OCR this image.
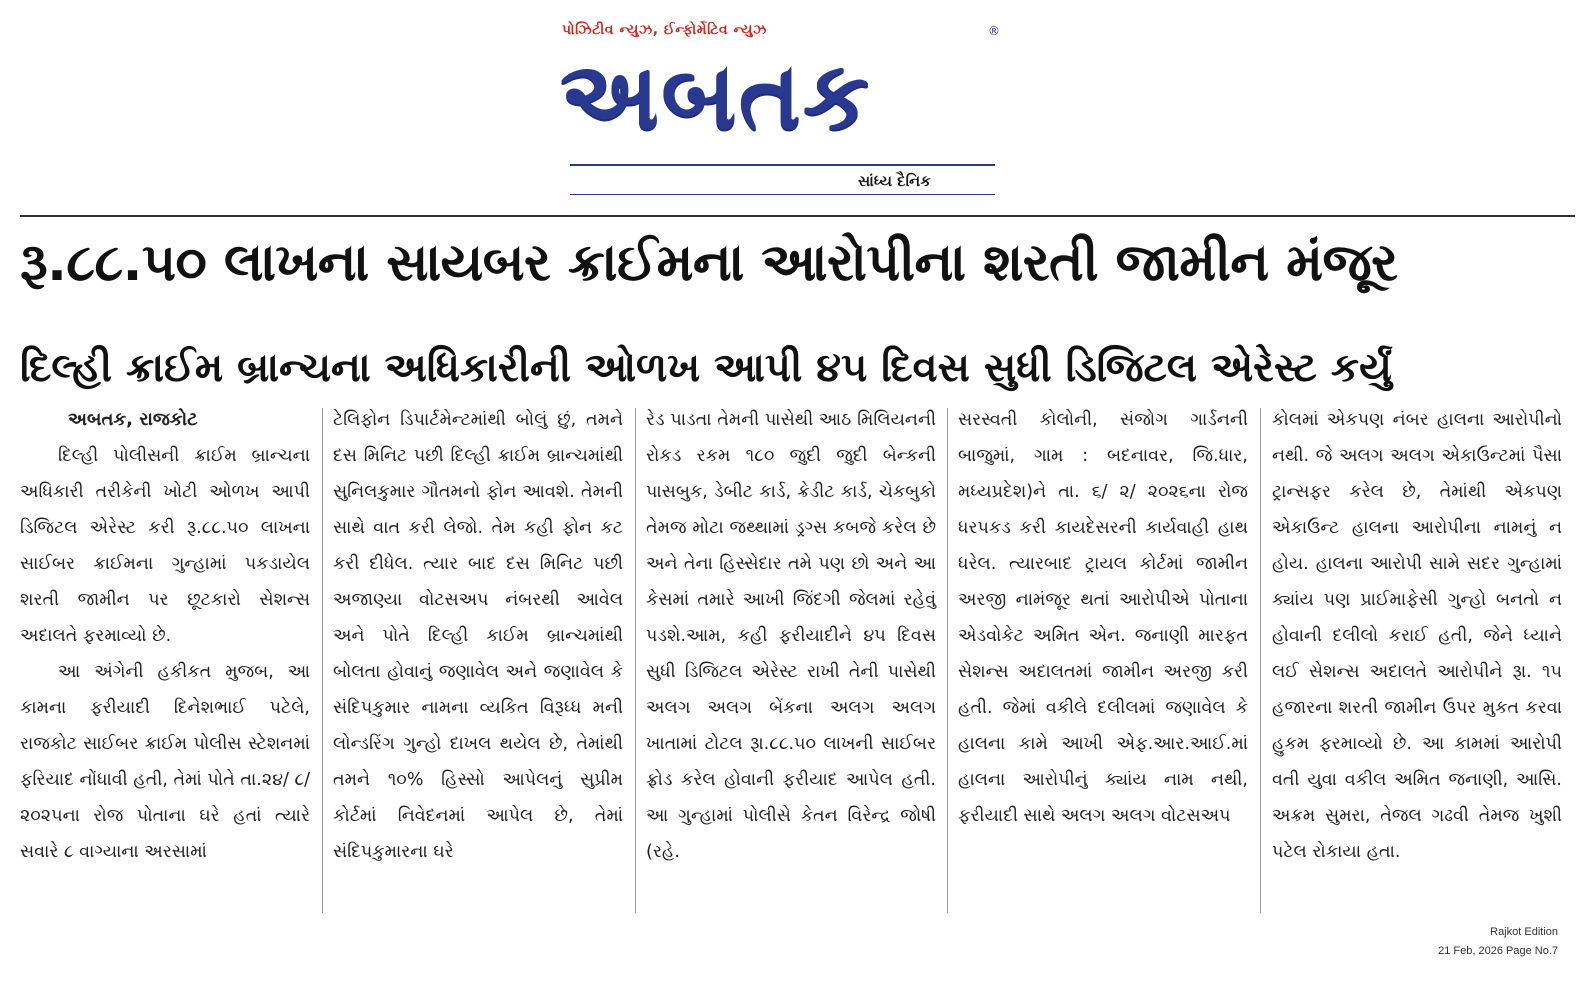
પોઝિટીવ ન્યુઝ, ઈન્ફોર્મેટિવ ન્યુઝ	®
અબતક
સાંધ્ય દૈનિક
રૂ.૮૮.૫૦ લાખના સાયબર ક્રાઈમના આરોપીના શરતી જામીન મંજૂર
દિલ્હી ક્રાઈમ બ્રાન્ચના અધિકારીની ઓળખ આપી ૪૫ દિવસ સુધી ડિજિટલ એરેસ્ટ કર્યું
અબતક, રાજકોટ

દિલ્હી પોલીસની ક્રાઈમ બ્રાન્ચના અધિકારી તરીકેની ખોટી ઓળખ આપી ડિજિટલ એરેસ્ટ કરી રૂ.૮૮.૫૦ લાખના સાઈબર ક્રાઈમના ગુન્હામાં પકડાયેલ શરતી જામીન પર છૂટકારો સેશન્સ અદાલતે ફરમાવ્યો છે.

આ અંગેની હકીકત મુજબ, આ કામના ફરીયાદી દિનેશભાઈ પટેલે, રાજકોટ સાઈબર ક્રાઈમ પોલીસ સ્ટેશનમાં ફરિયાદ નોંધાવી હતી, તેમાં પોતે તા.૨૪/ ૮/ ૨૦૨૫ના રોજ પોતાના ઘરે હતાં ત્યારે સવારે ૮ વાગ્યાના અરસામાં

ટેલિફોન ડિપાર્ટમેન્ટમાંથી બોલું છું, તમને દસ મિનિટ પછી દિલ્હી ક્રાઈમ બ્રાન્ચમાંથી સુનિલકુમાર ગૌતમનો ફોન આવશે. તેમની સાથે વાત કરી લેજો. તેમ કહી ફોન કટ કરી દીધેલ. ત્યાર બાદ દસ મિનિટ પછી અજાણ્યા વોટસઅપ નંબરથી આવેલ અને પોતે દિલ્હી કાઈમ બ્રાન્ચમાંથી બોલતા હોવાનું જણાવેલ અને જણાવેલ કે સંદિપકુમાર નામના વ્યકિત વિરૂધ્ધ મની લોન્ડરિંગ ગુન્હો દાખલ થયેલ છે, તેમાંથી તમને ૧૦% હિસ્સો આપેલનું સુપ્રીમ કોર્ટમાં નિવેદનમાં આપેલ છે, તેમાં સંદિપકુમારના ઘરે

રેડ પાડતા તેમની પાસેથી આઠ મિલિયનની રોકડ રકમ ૧૮૦ જુદી જુદી બેન્કની પાસબુક, ડેબીટ કાર્ડ, ક્રેડીટ કાર્ડ, ચેકબુકો તેમજ મોટા જથ્થામાં ડ્રગ્સ કબજે કરેલ છે અને તેના હિસ્સેદાર તમે પણ છો અને આ કેસમાં તમારે આખી જિંદગી જેલમાં રહેવું પડશે.આમ, કહી ફરીયાદીને ૪૫ દિવસ સુધી ડિજિટલ એરેસ્ટ રાખી તેની પાસેથી અલગ અલગ બેંકના અલગ અલગ ખાતામાં ટોટલ રૂા.૮૮.૫૦ લાખની સાઈબર ફ્રોડ કરેલ હોવાની ફરીયાદ આપેલ હતી. આ ગુન્હામાં પોલીસે કેતન વિરેન્દ્ર જોષી (રહે.

સરસ્વતી કોલોની, સંજોગ ગાર્ડનની બાજુમાં, ગામ : બદનાવર, જિ.ધાર, મધ્યપ્રદેશ)ને તા. ૬/ ૨/ ૨૦૨૬ના રોજ ધરપકડ કરી કાયદેસરની કાર્યવાહી હાથ ધરેલ. ત્યારબાદ ટ્રાયલ કોર્ટમાં જામીન અરજી નામંજૂર થતાં આરોપીએ પોતાના એડવોકેટ અમિત એન. જનાણી મારફત સેશન્સ અદાલતમાં જામીન અરજી કરી હતી. જેમાં વકીલે દલીલમાં જણાવેલ કે હાલના કામે આખી એફ.આર.આઈ.માં હાલના આરોપીનું ક્યાંય નામ નથી, ફરીયાદી સાથે અલગ અલગ વોટસઅપ

કોલમાં એકપણ નંબર હાલના આરોપીનો નથી. જે અલગ અલગ એકાઉન્ટમાં પૈસા ટ્રાન્સફર કરેલ છે, તેમાંથી એકપણ એકાઉન્ટ હાલના આરોપીના નામનું ન હોય. હાલના આરોપી સામે સદર ગુન્હામાં ક્યાંય પણ પ્રાઈમાફેસી ગુન્હો બનતો ન હોવાની દલીલો કરાઈ હતી, જેને ધ્યાને લઈ સેશન્સ અદાલતે આરોપીને રૂા. ૧૫ હજારના શરતી જામીન ઉપર મુકત કરવા હુકમ ફરમાવ્યો છે. આ કામમાં આરોપી વતી યુવા વકીલ અમિત જનાણી, આસિ. અક્રમ સુમરા, તેજલ ગઢવી તેમજ ખુશી પટેલ રોકાયા હતા.

Rajkot Edition
21 Feb, 2026 Page No.7
